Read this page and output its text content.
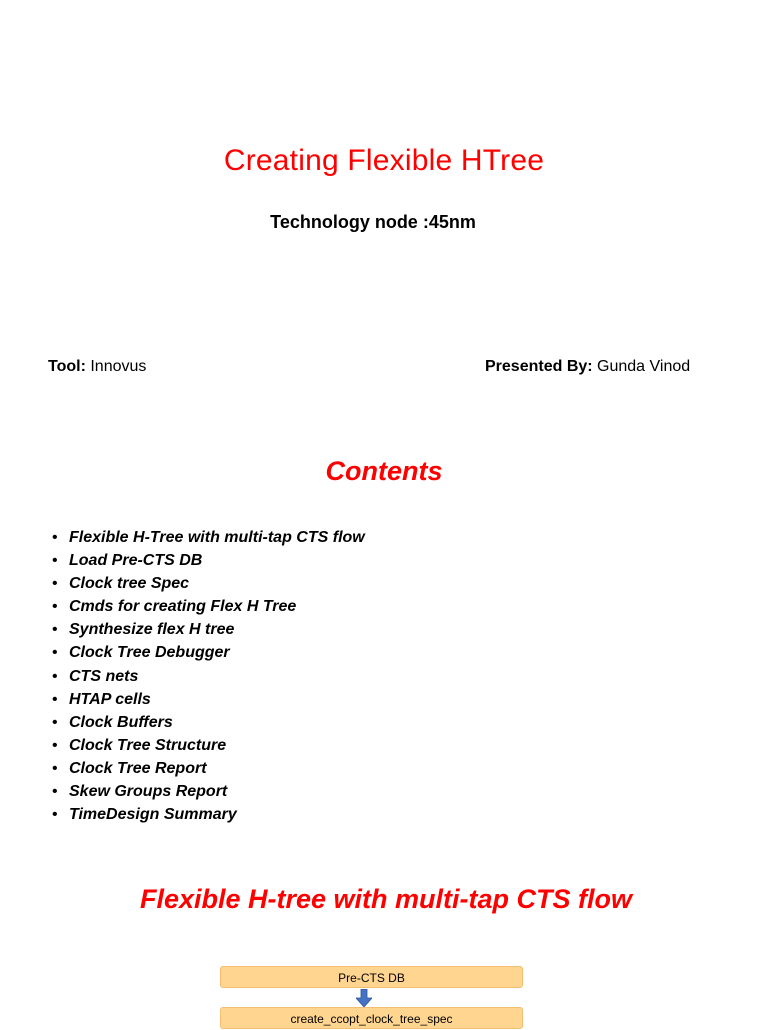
Creating Flexible HTree
Technology node :45nm
Tool: Innovus	Presented By: Gunda Vinod
Contents
• Flexible H-Tree with multi-tap CTS flow
• Load Pre-CTS DB
• Clock tree Spec
• Cmds for creating Flex H Tree
• Synthesize flex H tree
• Clock Tree Debugger
• CTS nets
• HTAP cells
• Clock Buffers
• Clock Tree Structure
• Clock Tree Report
• Skew Groups Report
• TimeDesign Summary
Flexible H-tree with multi-tap CTS flow
Pre-CTS DB
create_ccopt_clock_tree_spec
